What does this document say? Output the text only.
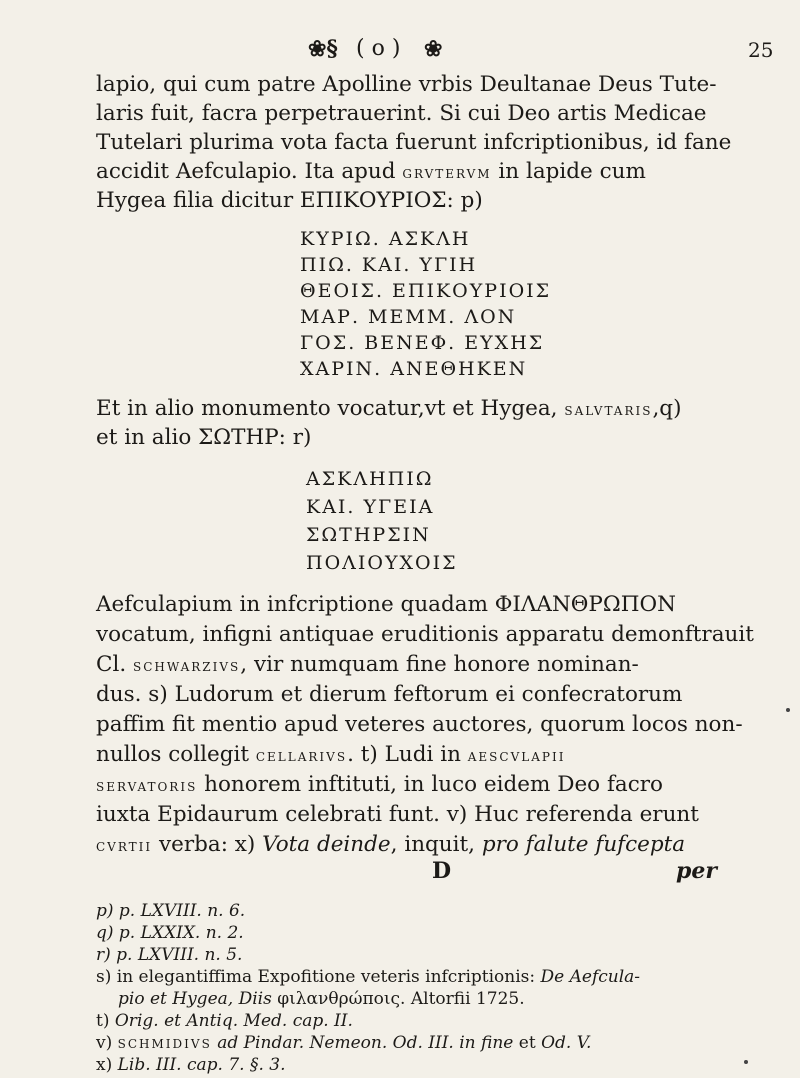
❀§ ( o ) ❀	25
lapio, qui cum patre Apolline vrbis Deultanae Deus Tute-
laris fuit, facra perpetrauerint. Si cui Deo artis Medicae
Tutelari plurima vota facta fuerunt infcriptionibus, id fane
accidit Aefculapio. Ita apud grvtervm in lapide cum
Hygea filia dicitur ΕΠΙΚΟΥΡΙΟΣ: p)
ΚΥΡΙΩ. ΑΣΚΛΗ
ΠΙΩ. ΚΑΙ. ΥΓΙΗ
ΘΕΟΙΣ. ΕΠΙΚΟΥΡΙΟΙΣ
ΜΑΡ. ΜΕΜΜ. ΛΟΝ
ΓΟΣ. ΒΕΝΕΦ. ΕΥΧΗΣ
ΧΑΡΙΝ. ΑΝΕΘΗΚΕΝ
Et in alio monumento vocatur,vt et Hygea, salvtaris,q)
et in alio ΣΩΤΗΡ: r)
ΑΣΚΛΗΠΙΩ
ΚΑΙ. ΥΓΕΙΑ
ΣΩΤΗΡΣΙΝ
ΠΟΛΙΟΥΧΟΙΣ
Aefculapium in infcriptione quadam ΦΙΛΑΝΘΡΩΠΟΝ
vocatum, infigni antiquae eruditionis apparatu demonftrauit
Cl. schwarzivs, vir numquam fine honore nominan-
dus. s) Ludorum et dierum feftorum ei confecratorum
paffim fit mentio apud veteres auctores, quorum locos non-
nullos collegit cellarivs. t) Ludi in aescvlapii
servatoris honorem inftituti, in luco eidem Deo facro
iuxta Epidaurum celebrati funt. v) Huc referenda erunt
cvrtii verba: x) Vota deinde, inquit, pro falute fufcepta
D	per
p) p. LXVIII. n. 6.
q) p. LXXIX. n. 2.
r) p. LXVIII. n. 5.
s) in elegantiffima Expofitione veteris infcriptionis: De Aefcula-
pio et Hygea, Diis φιλανθρώποις. Altorfii 1725.
t) Orig. et Antiq. Med. cap. II.
v) schmidivs ad Pindar. Nemeon. Od. III. in fine et Od. V.
x) Lib. III. cap. 7. §. 3.
